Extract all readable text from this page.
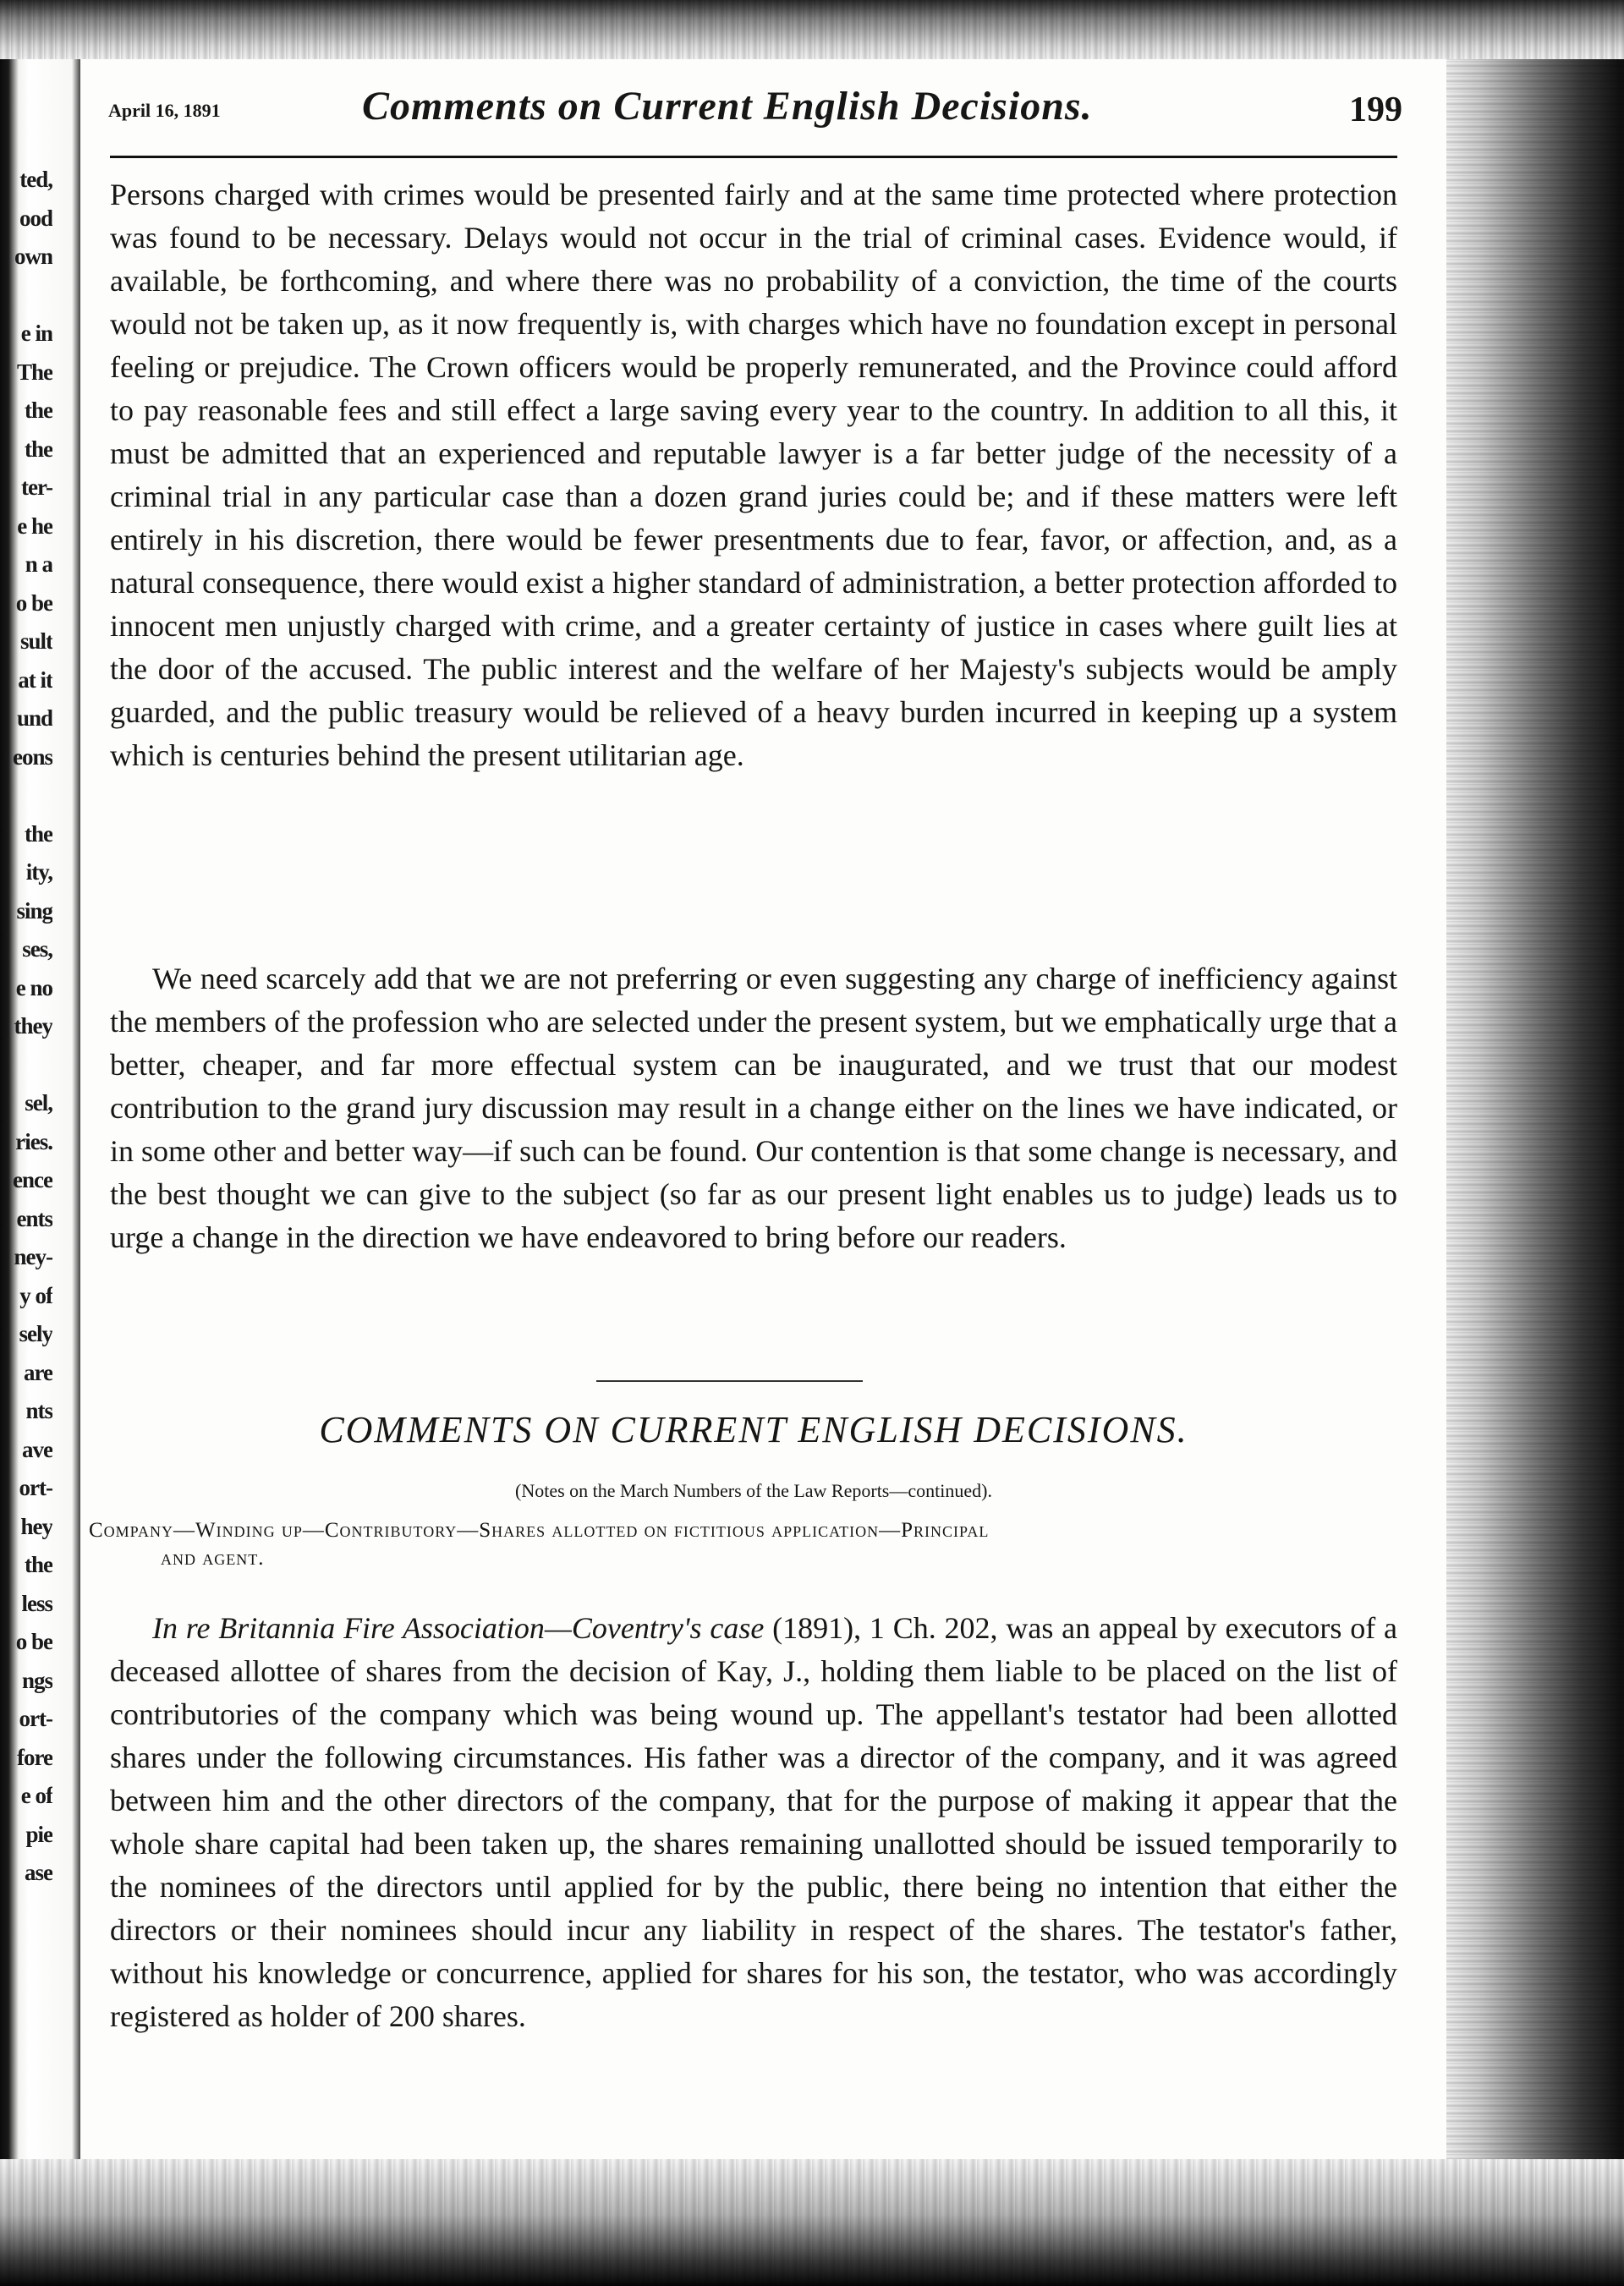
ted,
ood
own
e in
The
the
the
ter-
e he
n a
o be
sult
at it
und
eons
the
ity,
sing
ses,
e no
they
sel,
ries.
ence
ents
ney-
y of
sely
are
nts
ave
ort-
hey
the
less
o be
ngs
ort-
fore
e of
pie
ase
April 16, 1891	Comments on Current English Decisions.	199

Persons charged with crimes would be presented fairly and at the same time protected where protection was found to be necessary. Delays would not occur in the trial of criminal cases. Evidence would, if available, be forthcoming, and where there was no probability of a conviction, the time of the courts would not be taken up, as it now frequently is, with charges which have no foundation except in personal feeling or prejudice. The Crown officers would be properly remunerated, and the Province could afford to pay reasonable fees and still effect a large saving every year to the country. In addition to all this, it must be admitted that an experienced and reputable lawyer is a far better judge of the necessity of a criminal trial in any particular case than a dozen grand juries could be; and if these matters were left entirely in his discretion, there would be fewer presentments due to fear, favor, or affection, and, as a natural consequence, there would exist a higher standard of administration, a better protection afforded to innocent men unjustly charged with crime, and a greater certainty of justice in cases where guilt lies at the door of the accused. The public interest and the welfare of her Majesty's subjects would be amply guarded, and the public treasury would be relieved of a heavy burden incurred in keeping up a system which is centuries behind the present utilitarian age.

We need scarcely add that we are not preferring or even suggesting any charge of inefficiency against the members of the profession who are selected under the present system, but we emphatically urge that a better, cheaper, and far more effectual system can be inaugurated, and we trust that our modest contribution to the grand jury discussion may result in a change either on the lines we have indicated, or in some other and better way—if such can be found. Our contention is that some change is necessary, and the best thought we can give to the subject (so far as our present light enables us to judge) leads us to urge a change in the direction we have endeavored to bring before our readers.

COMMENTS ON CURRENT ENGLISH DECISIONS.
(Notes on the March Numbers of the Law Reports—continued).
Company—Winding up—Contributory—Shares allotted on fictitious application—Principal
and agent.

In re Britannia Fire Association—Coventry's case (1891), 1 Ch. 202, was an appeal by executors of a deceased allottee of shares from the decision of Kay, J., holding them liable to be placed on the list of contributories of the company which was being wound up. The appellant's testator had been allotted shares under the following circumstances. His father was a director of the company, and it was agreed between him and the other directors of the company, that for the purpose of making it appear that the whole share capital had been taken up, the shares remaining unallotted should be issued temporarily to the nominees of the directors until applied for by the public, there being no intention that either the directors or their nominees should incur any liability in respect of the shares. The testator's father, without his knowledge or concurrence, applied for shares for his son, the testator, who was accordingly registered as holder of 200 shares.
